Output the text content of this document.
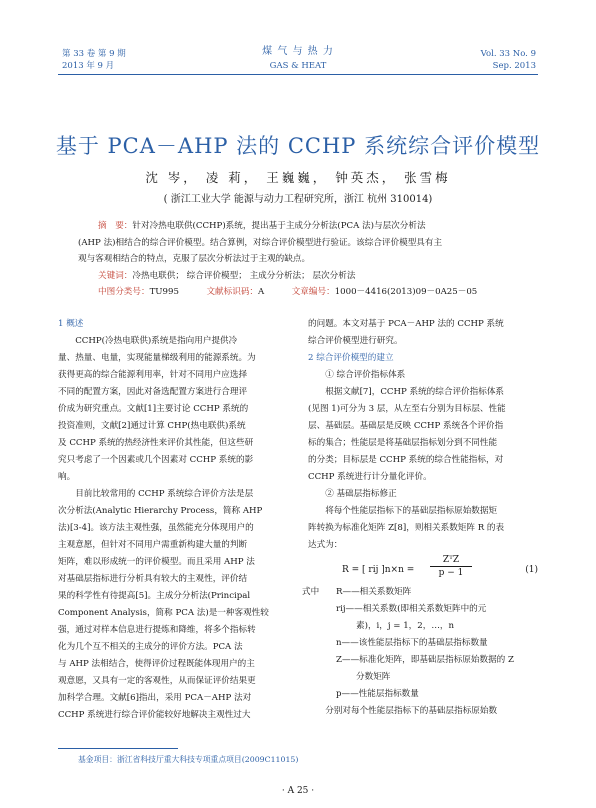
第 33 卷 第 9 期
2013 年 9 月
煤 气 与 热 力
GAS & HEAT
Vol. 33 No. 9
Sep. 2013
基于 PCA－AHP 法的 CCHP 系统综合评价模型
沈 岑， 凌 莉， 王巍巍， 钟英杰， 张雪梅
( 浙江工业大学 能源与动力工程研究所，浙江 杭州 310014)
摘　要：针对冷热电联供(CCHP)系统，提出基于主成分分析法(PCA 法)与层次分析法
(AHP 法)相结合的综合评价模型。结合算例，对综合评价模型进行验证。该综合评价模型具有主
观与客观相结合的特点，克服了层次分析法过于主观的缺点。
关键词：冷热电联供； 综合评价模型； 主成分分析法； 层次分析法
中图分类号：TU995	文献标识码：A	文章编号：1000－4416(2013)09－0A25－05

1 概述

CCHP(冷热电联供)系统是指向用户提供冷

量、热量、电量，实现能量梯级利用的能源系统。为

获得更高的综合能源利用率，针对不同用户应选择

不同的配置方案，因此对备选配置方案进行合理评

价成为研究重点。文献[1]主要讨论 CCHP 系统的

投资准则，文献[2]通过计算 CHP(热电联供)系统

及 CCHP 系统的热经济性来评价其性能，但这些研

究只考虑了一个因素或几个因素对 CCHP 系统的影

响。

目前比较常用的 CCHP 系统综合评价方法是层

次分析法(Analytic Hierarchy Process，简称 AHP

法)[3-4]。该方法主观性强，虽然能充分体现用户的

主观意愿，但针对不同用户需重新构建大量的判断

矩阵，难以形成统一的评价模型。而且采用 AHP 法

对基础层指标进行分析具有较大的主观性，评价结

果的科学性有待提高[5]。主成分分析法(Principal

Component Analysis，简称 PCA 法)是一种客观性较

强，通过对样本信息进行提炼和降维，将多个指标转

化为几个互不相关的主成分的评价方法。PCA 法

与 AHP 法相结合，使得评价过程既能体现用户的主

观意愿，又具有一定的客观性，从而保证评价结果更

加科学合理。文献[6]指出，采用 PCA－AHP 法对

CCHP 系统进行综合评价能较好地解决主观性过大

的问题。本文对基于 PCA－AHP 法的 CCHP 系统

综合评价模型进行研究。

2 综合评价模型的建立

① 综合评价指标体系

根据文献[7]，CCHP 系统的综合评价指标体系

(见图 1)可分为 3 层，从左至右分别为目标层、性能

层、基础层。基础层是反映 CCHP 系统各个评价指

标的集合；性能层是将基础层指标划分到不同性能

的分类；目标层是 CCHP 系统的综合性能指标，对

CCHP 系统进行计分量化评价。

② 基础层指标修正

将每个性能层指标下的基础层指标原始数据矩

阵转换为标准化矩阵 Z[8]，则相关系数矩阵 R 的表

达式为：

R = [ rij ]n×n =
ZᵀZ
p − 1	(1)

式中	R——相关系数矩阵

rij——相关系数(即相关系数矩阵中的元

素)，i，j = 1，2，…，n

n——该性能层指标下的基础层指标数量

Z——标准化矩阵，即基础层指标原始数据的 Z

分数矩阵

p——性能层指标数量

分别对每个性能层指标下的基础层指标原始数

基金项目：浙江省科技厅重大科技专项重点项目(2009C11015)
· A 25 ·
